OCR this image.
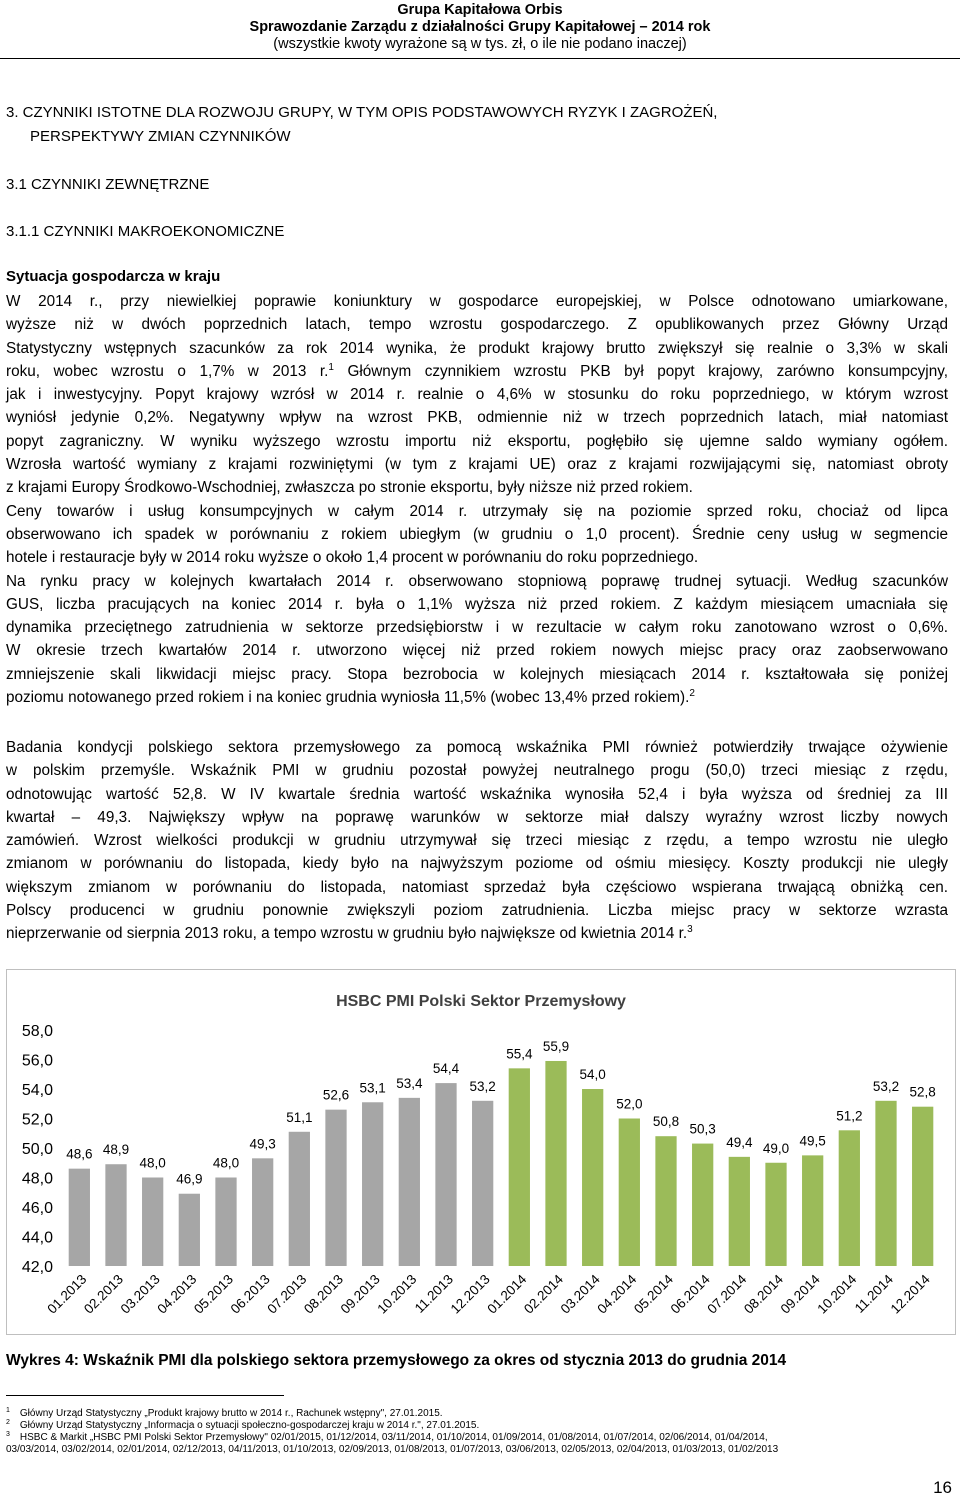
Grupa Kapitałowa Orbis
Sprawozdanie Zarządu z działalności Grupy Kapitałowej – 2014 rok
(wszystkie kwoty wyrażone są w tys. zł, o ile nie podano inaczej)
3. CZYNNIKI ISTOTNE DLA ROZWOJU GRUPY, W TYM OPIS PODSTAWOWYCH RYZYK I ZAGROŻEŃ,
PERSPEKTYWY ZMIAN CZYNNIKÓW
3.1 CZYNNIKI ZEWNĘTRZNE
3.1.1 CZYNNIKI MAKROEKONOMICZNE
Sytuacja gospodarcza w kraju
W 2014 r., przy niewielkiej poprawie koniunktury w gospodarce europejskiej, w Polsce odnotowano umiarkowane,
wyższe niż w dwóch poprzednich latach, tempo wzrostu gospodarczego. Z opublikowanych przez Główny Urząd
Statystyczny wstępnych szacunków za rok 2014 wynika, że produkt krajowy brutto zwiększył się realnie o 3,3% w skali
roku, wobec wzrostu o 1,7% w 2013 r.$^1$ Głównym czynnikiem wzrostu PKB był popyt krajowy, zarówno konsumpcyjny,
jak i inwestycyjny. Popyt krajowy wzrósł w 2014 r. realnie o 4,6% w stosunku do roku poprzedniego, w którym wzrost
wyniósł jedynie 0,2%. Negatywny wpływ na wzrost PKB, odmiennie niż w trzech poprzednich latach, miał natomiast
popyt zagraniczny. W wyniku wyższego wzrostu importu niż eksportu, pogłębiło się ujemne saldo wymiany ogółem.
Wzrosła wartość wymiany z krajami rozwiniętymi (w tym z krajami UE) oraz z krajami rozwijającymi się, natomiast obroty
z krajami Europy Środkowo-Wschodniej, zwłaszcza po stronie eksportu, były niższe niż przed rokiem.
Ceny towarów i usług konsumpcyjnych w całym 2014 r. utrzymały się na poziomie sprzed roku, chociaż od lipca
obserwowano ich spadek w porównaniu z rokiem ubiegłym (w grudniu o 1,0 procent). Średnie ceny usług w segmencie
hotele i restauracje były w 2014 roku wyższe o około 1,4 procent w porównaniu do roku poprzedniego.
Na rynku pracy w kolejnych kwartałach 2014 r. obserwowano stopniową poprawę trudnej sytuacji. Według szacunków
GUS, liczba pracujących na koniec 2014 r. była o 1,1% wyższa niż przed rokiem. Z każdym miesiącem umacniała się
dynamika przeciętnego zatrudnienia w sektorze przedsiębiorstw i w rezultacie w całym roku zanotowano wzrost o 0,6%.
W okresie trzech kwartałów 2014 r. utworzono więcej niż przed rokiem nowych miejsc pracy oraz zaobserwowano
zmniejszenie skali likwidacji miejsc pracy. Stopa bezrobocia w kolejnych miesiącach 2014 r. kształtowała się poniżej
poziomu notowanego przed rokiem i na koniec grudnia wyniosła 11,5% (wobec 13,4% przed rokiem).$^2$
Badania kondycji polskiego sektora przemysłowego za pomocą wskaźnika PMI również potwierdziły trwające ożywienie
w polskim przemyśle. Wskaźnik PMI w grudniu pozostał powyżej neutralnego progu (50,0) trzeci miesiąc z rzędu,
odnotowując wartość 52,8. W IV kwartale średnia wartość wskaźnika wynosiła 52,4 i była wyższa od średniej za III
kwartał – 49,3. Największy wpływ na poprawę warunków w sektorze miał dalszy wyraźny wzrost liczby nowych
zamówień. Wzrost wielkości produkcji w grudniu utrzymywał się trzeci miesiąc z rzędu, a tempo wzrostu nie uległo
zmianom w porównaniu do listopada, kiedy było na najwyższym poziome od ośmiu miesięcy. Koszty produkcji nie uległy
większym zmianom w porównaniu do listopada, natomiast sprzedaż była częściowo wspierana trwającą obniżką cen.
Polscy producenci w grudniu ponownie zwiększyli poziom zatrudnienia. Liczba miejsc pracy w sektorze wzrasta
nieprzerwanie od sierpnia 2013 roku, a tempo wzrostu w grudniu było największe od kwietnia 2014 r.$^3$
HSBC PMI Polski Sektor Przemysłowy
42,0
44,0
46,0
48,0
50,0
52,0
54,0
56,0
58,0
48,6
01.2013
48,9
02.2013
48,0
03.2013
46,9
04.2013
48,0
05.2013
49,3
06.2013
51,1
07.2013
52,6
08.2013
53,1
09.2013
53,4
10.2013
54,4
11.2013
53,2
12.2013
55,4
01.2014
55,9
02.2014
54,0
03.2014
52,0
04.2014
50,8
05.2014
50,3
06.2014
49,4
07.2014
49,0
08.2014
49,5
09.2014
51,2
10.2014
53,2
11.2014
52,8
12.2014
Wykres 4: Wskaźnik PMI dla polskiego sektora przemysłowego za okres od stycznia 2013 do grudnia 2014
$^1$ Główny Urząd Statystyczny „Produkt krajowy brutto w 2014 r., Rachunek wstępny", 27.01.2015.
$^2$ Główny Urząd Statystyczny „Informacja o sytuacji społeczno-gospodarczej kraju w 2014 r.", 27.01.2015.
$^3$ HSBC & Markit „HSBC PMI Polski Sektor Przemysłowy" 02/01/2015, 01/12/2014, 03/11/2014, 01/10/2014, 01/09/2014, 01/08/2014, 01/07/2014, 02/06/2014, 01/04/2014,
03/03/2014, 03/02/2014, 02/01/2014, 02/12/2013, 04/11/2013, 01/10/2013, 02/09/2013, 01/08/2013, 01/07/2013, 03/06/2013, 02/05/2013, 02/04/2013, 01/03/2013, 01/02/2013
16
